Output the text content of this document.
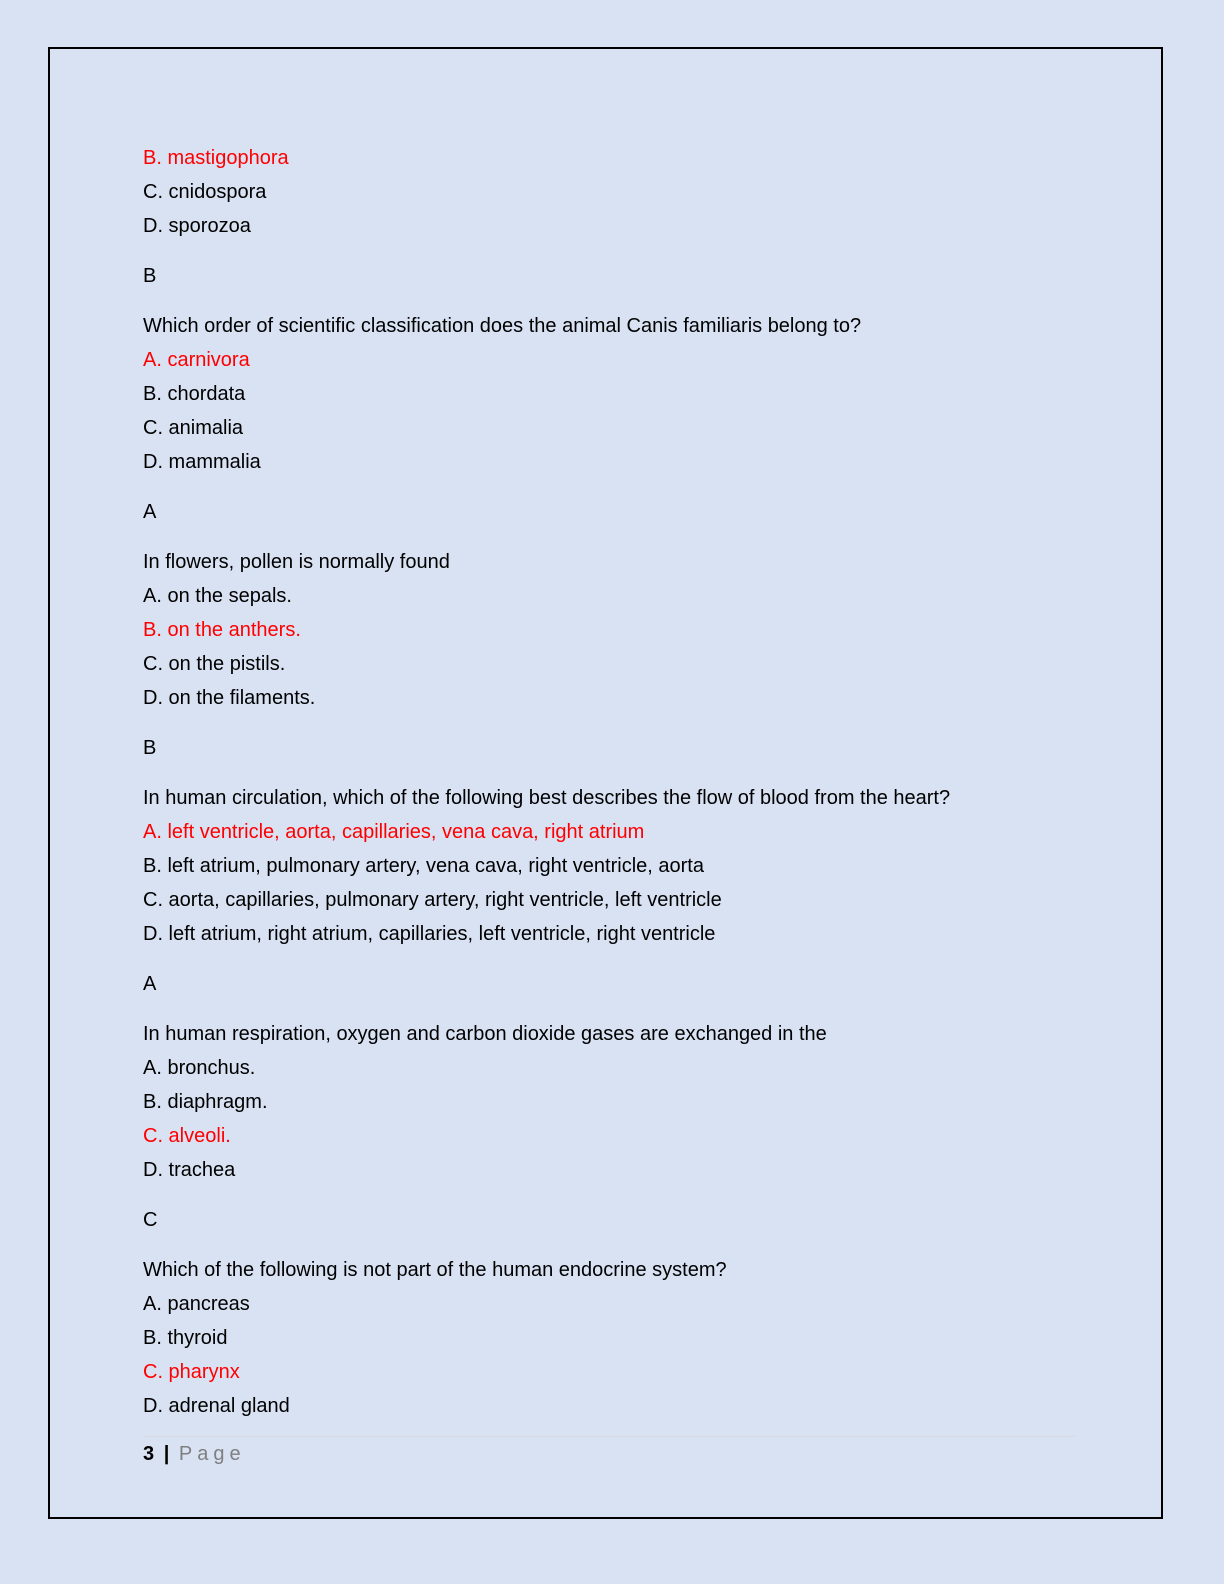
B. mastigophora
C. cnidospora
D. sporozoa
B
Which order of scientific classification does the animal Canis familiaris belong to?
A. carnivora
B. chordata
C. animalia
D. mammalia
A
In flowers, pollen is normally found
A. on the sepals.
B. on the anthers.
C. on the pistils.
D. on the filaments.
B
In human circulation, which of the following best describes the flow of blood from the heart?
A. left ventricle, aorta, capillaries, vena cava, right atrium
B. left atrium, pulmonary artery, vena cava, right ventricle, aorta
C. aorta, capillaries, pulmonary artery, right ventricle, left ventricle
D. left atrium, right atrium, capillaries, left ventricle, right ventricle
A
In human respiration, oxygen and carbon dioxide gases are exchanged in the
A. bronchus.
B. diaphragm.
C. alveoli.
D. trachea
C
Which of the following is not part of the human endocrine system?
A. pancreas
B. thyroid
C. pharynx
D. adrenal gland
3 | Page
